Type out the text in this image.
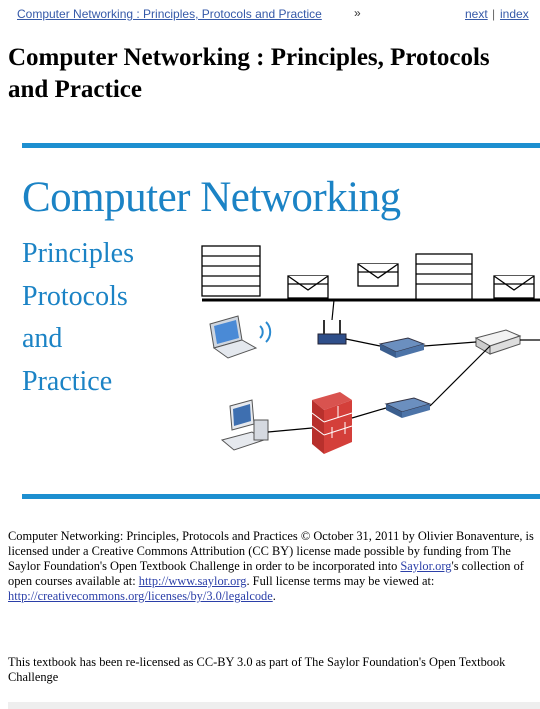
Computer Networking : Principles, Protocols and Practice	»	next | index
Computer Networking : Principles, Protocols and Practice
Computer Networking
Principles
Protocols
and
Practice

Computer Networking: Principles, Protocols and Practices © October 31, 2011 by Olivier Bonaventure, is licensed under a Creative Commons Attribution (CC BY) license made possible by funding from The Saylor Foundation's Open Textbook Challenge in order to be incorporated into Saylor.org's collection of open courses available at: http://www.saylor.org. Full license terms may be viewed at: http://creativecommons.org/licenses/by/3.0/legalcode.

This textbook has been re-licensed as CC-BY 3.0 as part of The Saylor Foundation's Open Textbook Challenge
